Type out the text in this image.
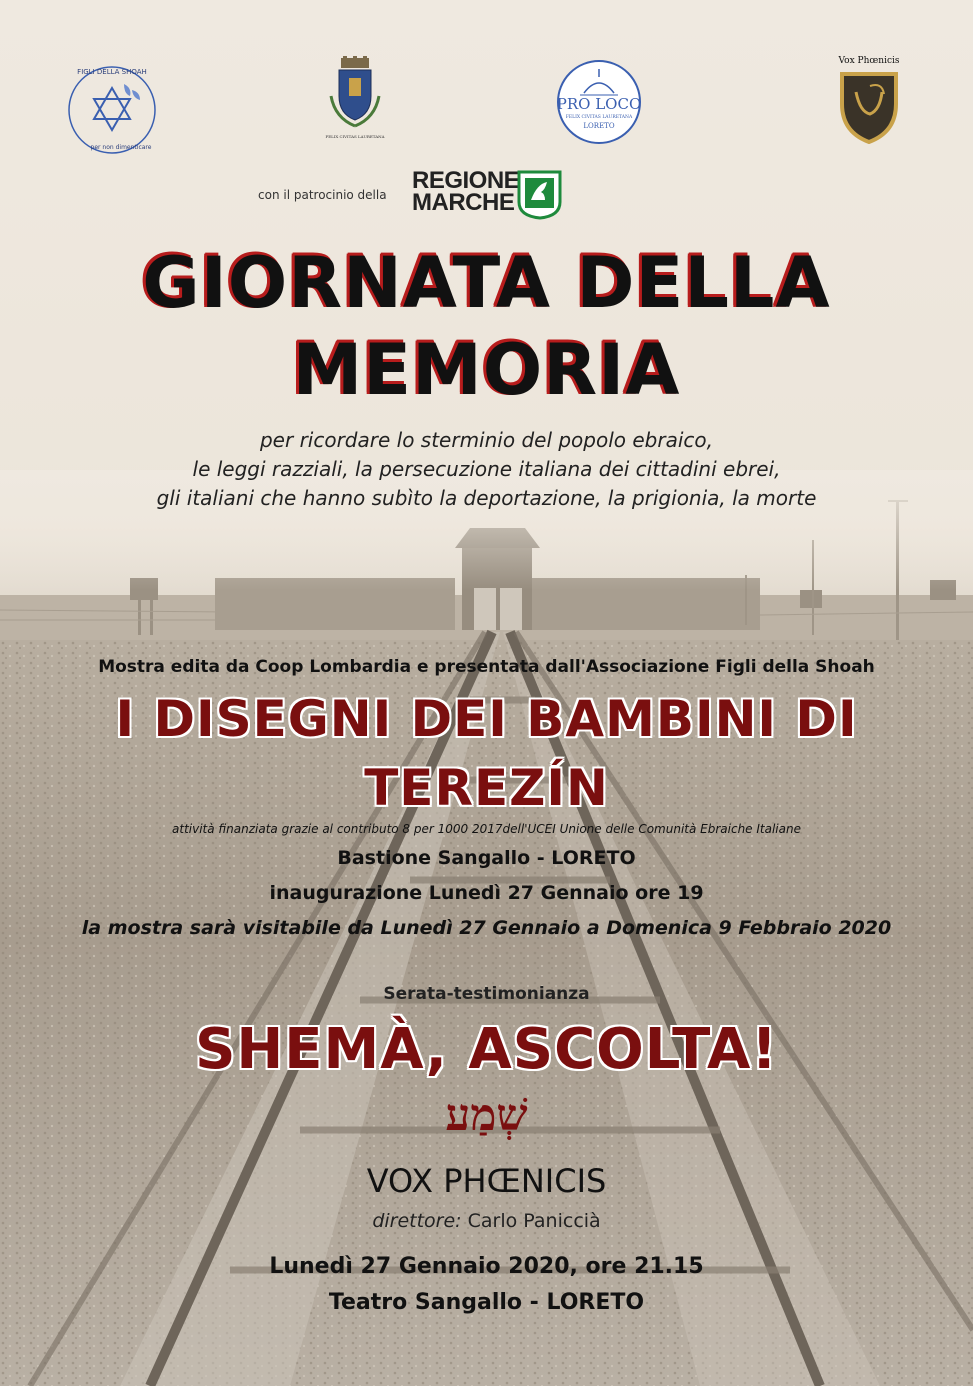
FIGLI DELLA SHOAH
per non dimenticare
FELIX CIVITAS LAURETANA
PRO LOCO
FELIX CIVITAS LAURETANA
LORETO
Vox Phœnicis
con il patrocinio della
REGIONE
MARCHE
GIORNATA DELLA
MEMORIA
per ricordare lo sterminio del popolo ebraico,
le leggi razziali, la persecuzione italiana dei cittadini ebrei,
gli italiani che hanno subìto la deportazione, la prigionia, la morte
Mostra edita da Coop Lombardia e presentata dall'Associazione Figli della Shoah
I DISEGNI DEI BAMBINI DI
TEREZÍN
attività finanziata grazie al contributo 8 per 1000 2017dell'UCEI Unione delle Comunità Ebraiche Italiane
Bastione Sangallo - LORETO
inaugurazione Lunedì 27 Gennaio ore 19
la mostra sarà visitabile da Lunedì 27 Gennaio a Domenica 9 Febbraio 2020
Serata-testimonianza
SHEMÀ, ASCOLTA!
שְׁמַע
VOX PHŒNICIS
direttore: Carlo Paniccià
Lunedì 27 Gennaio 2020, ore 21.15
Teatro Sangallo - LORETO
